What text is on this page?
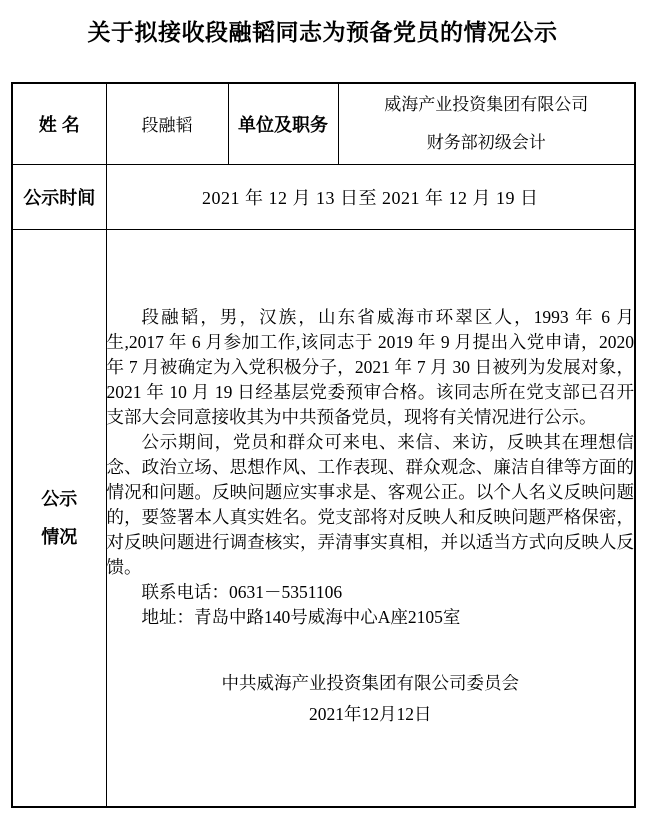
关于拟接收段融韬同志为预备党员的情况公示
姓 名	段融韬	单位及职务	威海产业投资集团有限公司
财务部初级会计

公示时间	2021 年 12 月 13 日至 2021 年 12 月 19 日		

公示
情况

段融韬，男，汉族，山东省威海市环翠区人，1993 年 6 月生,2017 年 6 月参加工作,该同志于 2019 年 9 月提出入党申请，2020 年 7 月被确定为入党积极分子，2021 年 7 月 30 日被列为发展对象，2021 年 10 月 19 日经基层党委预审合格。该同志所在党支部已召开支部大会同意接收其为中共预备党员，现将有关情况进行公示。

公示期间，党员和群众可来电、来信、来访，反映其在理想信念、政治立场、思想作风、工作表现、群众观念、廉洁自律等方面的情况和问题。反映问题应实事求是、客观公正。以个人名义反映问题的，要签署本人真实姓名。党支部将对反映人和反映问题严格保密，对反映问题进行调查核实，弄清事实真相，并以适当方式向反映人反馈。

联系电话：0631－5351106
地址：青岛中路140号威海中心A座2105室
中共威海产业投资集团有限公司委员会
2021年12月12日
